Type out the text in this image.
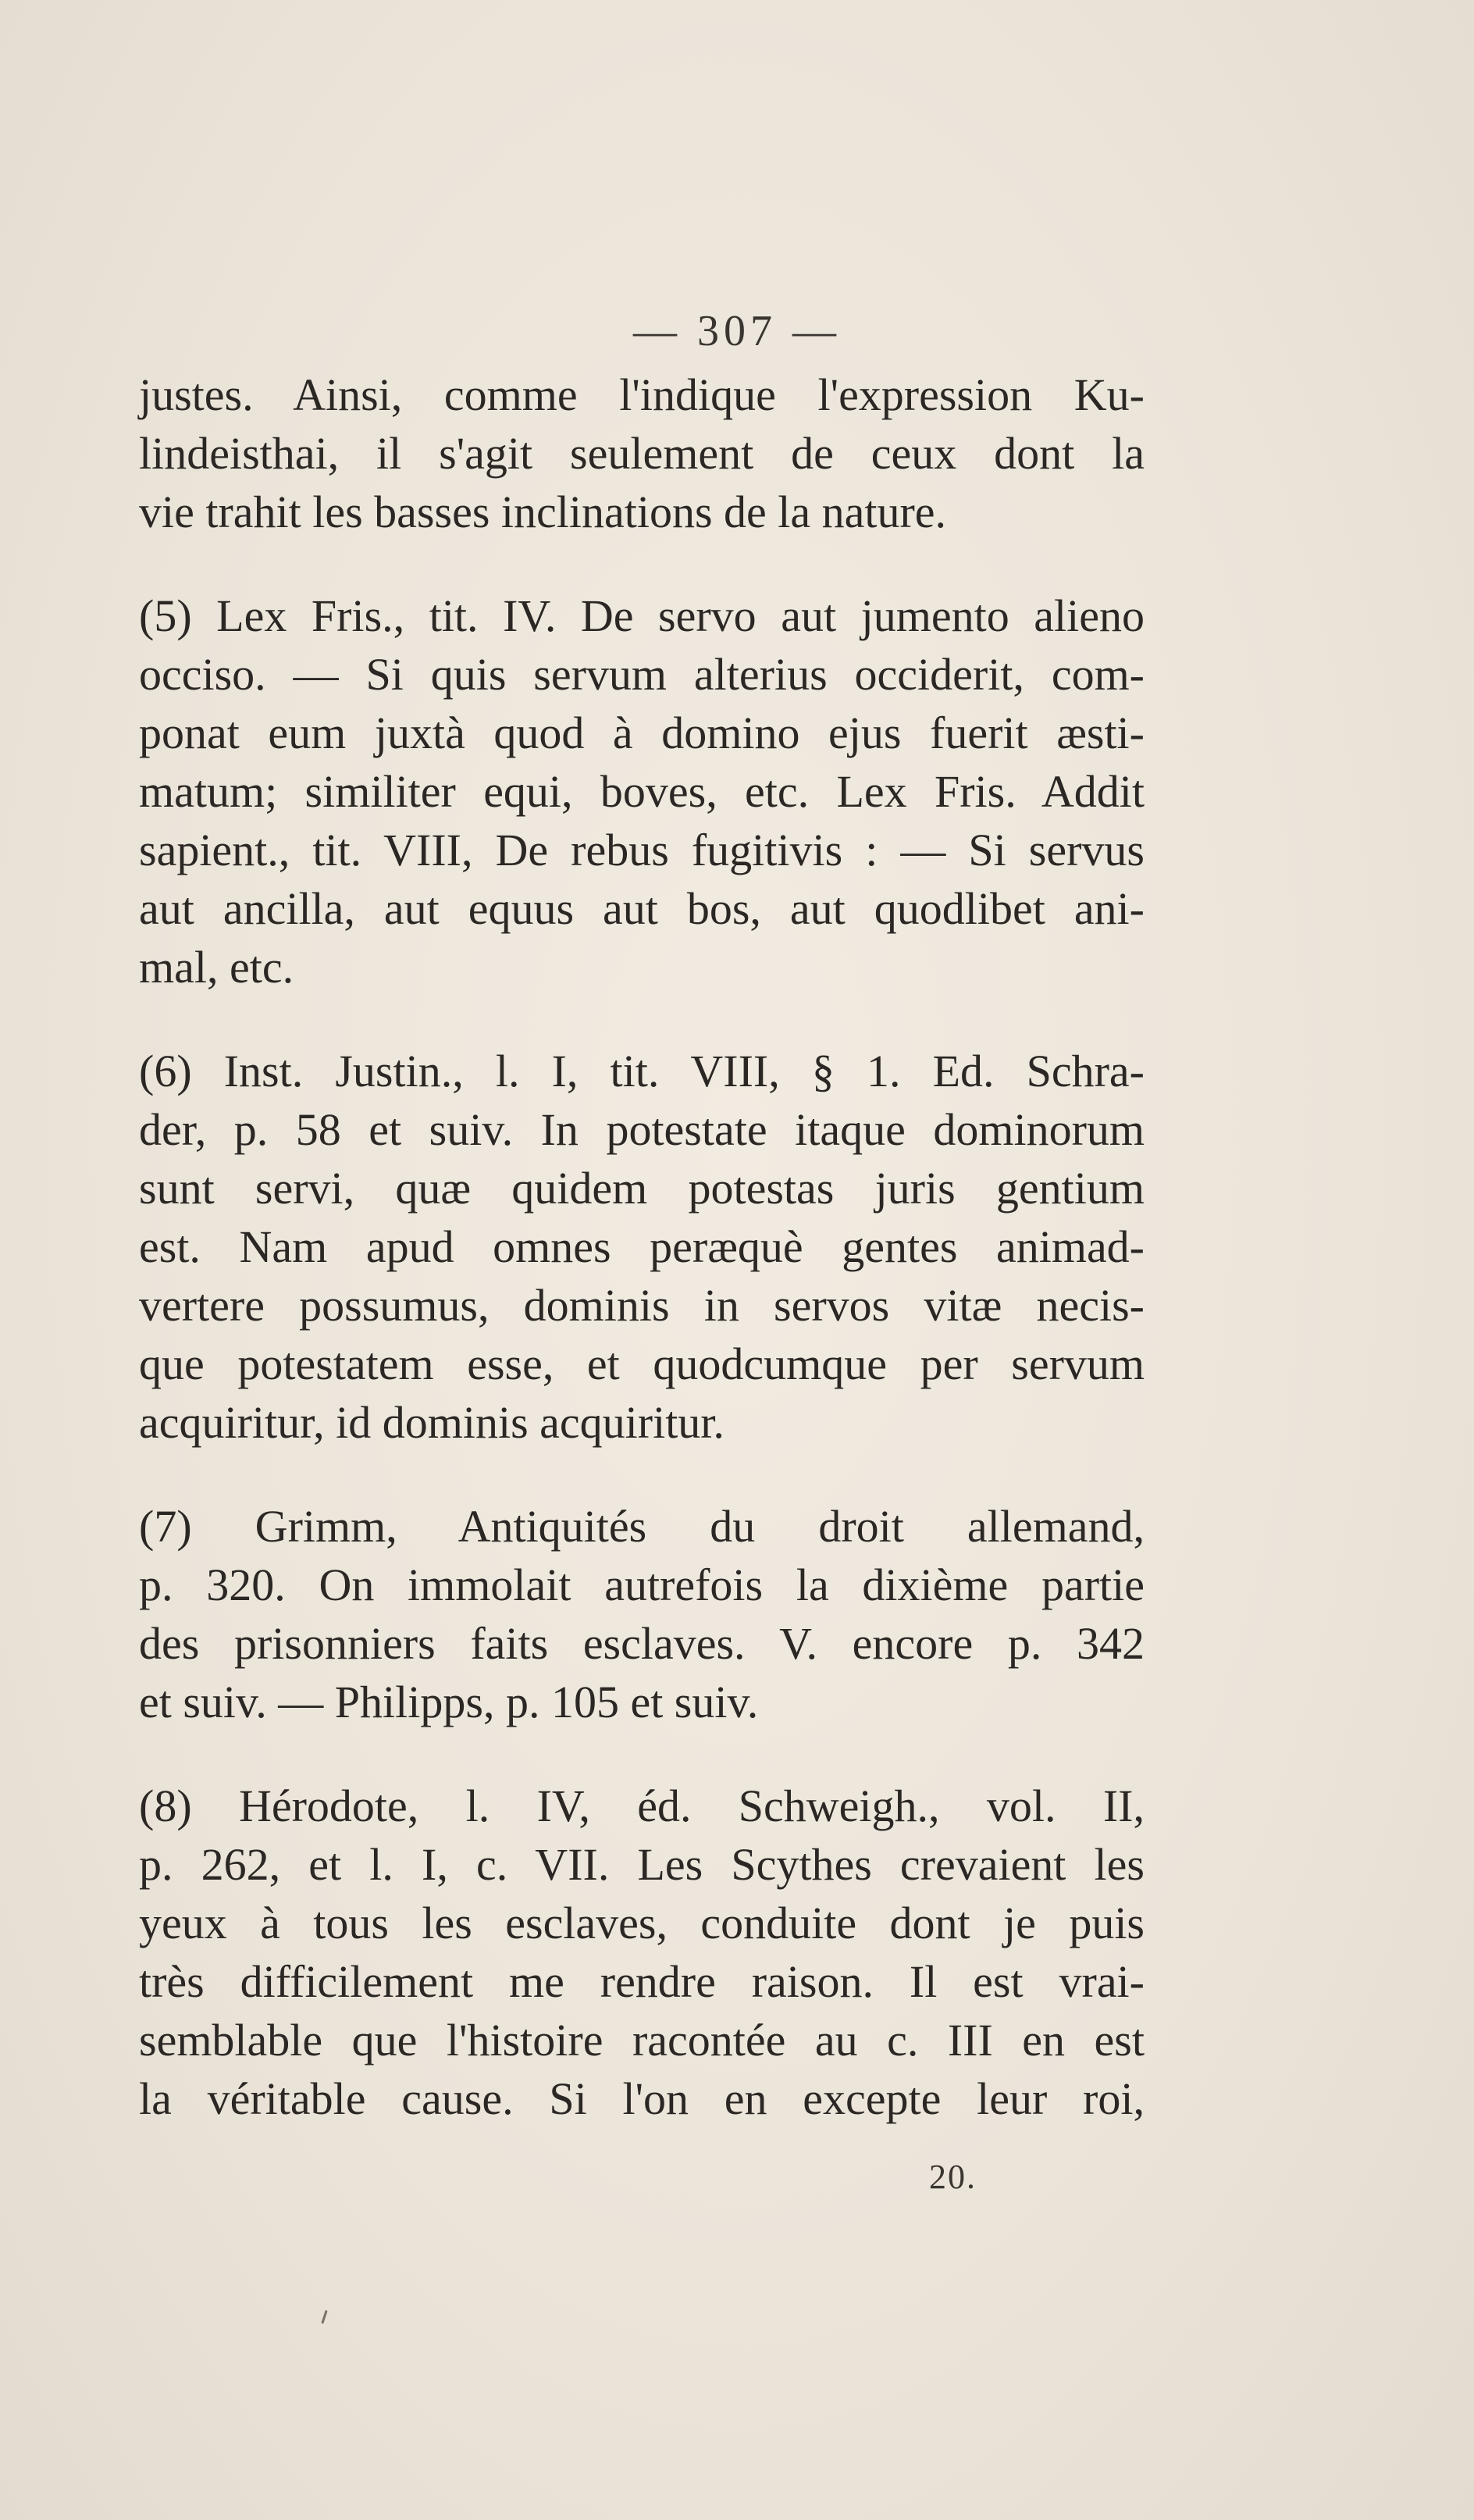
— 307 —
justes. Ainsi, comme l'indique l'expression Ku-
lindeisthai, il s'agit seulement de ceux dont la
vie trahit les basses inclinations de la nature.
(5) Lex Fris., tit. IV. De servo aut jumento alieno
occiso. — Si quis servum alterius occiderit, com-
ponat eum juxtà quod à domino ejus fuerit æsti-
matum; similiter equi, boves, etc. Lex Fris. Addit
sapient., tit. VIII, De rebus fugitivis : — Si servus
aut ancilla, aut equus aut bos, aut quodlibet ani-
mal, etc.
(6) Inst. Justin., l. I, tit. VIII, § 1. Ed. Schra-
der, p. 58 et suiv. In potestate itaque dominorum
sunt servi, quæ quidem potestas juris gentium
est. Nam apud omnes peræquè gentes animad-
vertere possumus, dominis in servos vitæ necis-
que potestatem esse, et quodcumque per servum
acquiritur, id dominis acquiritur.
(7) Grimm, Antiquités du droit allemand,
p. 320. On immolait autrefois la dixième partie
des prisonniers faits esclaves. V. encore p. 342
et suiv. — Philipps, p. 105 et suiv.
(8) Hérodote, l. IV, éd. Schweigh., vol. II,
p. 262, et l. I, c. VII. Les Scythes crevaient les
yeux à tous les esclaves, conduite dont je puis
très difficilement me rendre raison. Il est vrai-
semblable que l'histoire racontée au c. III en est
la véritable cause. Si l'on en excepte leur roi,
20.
